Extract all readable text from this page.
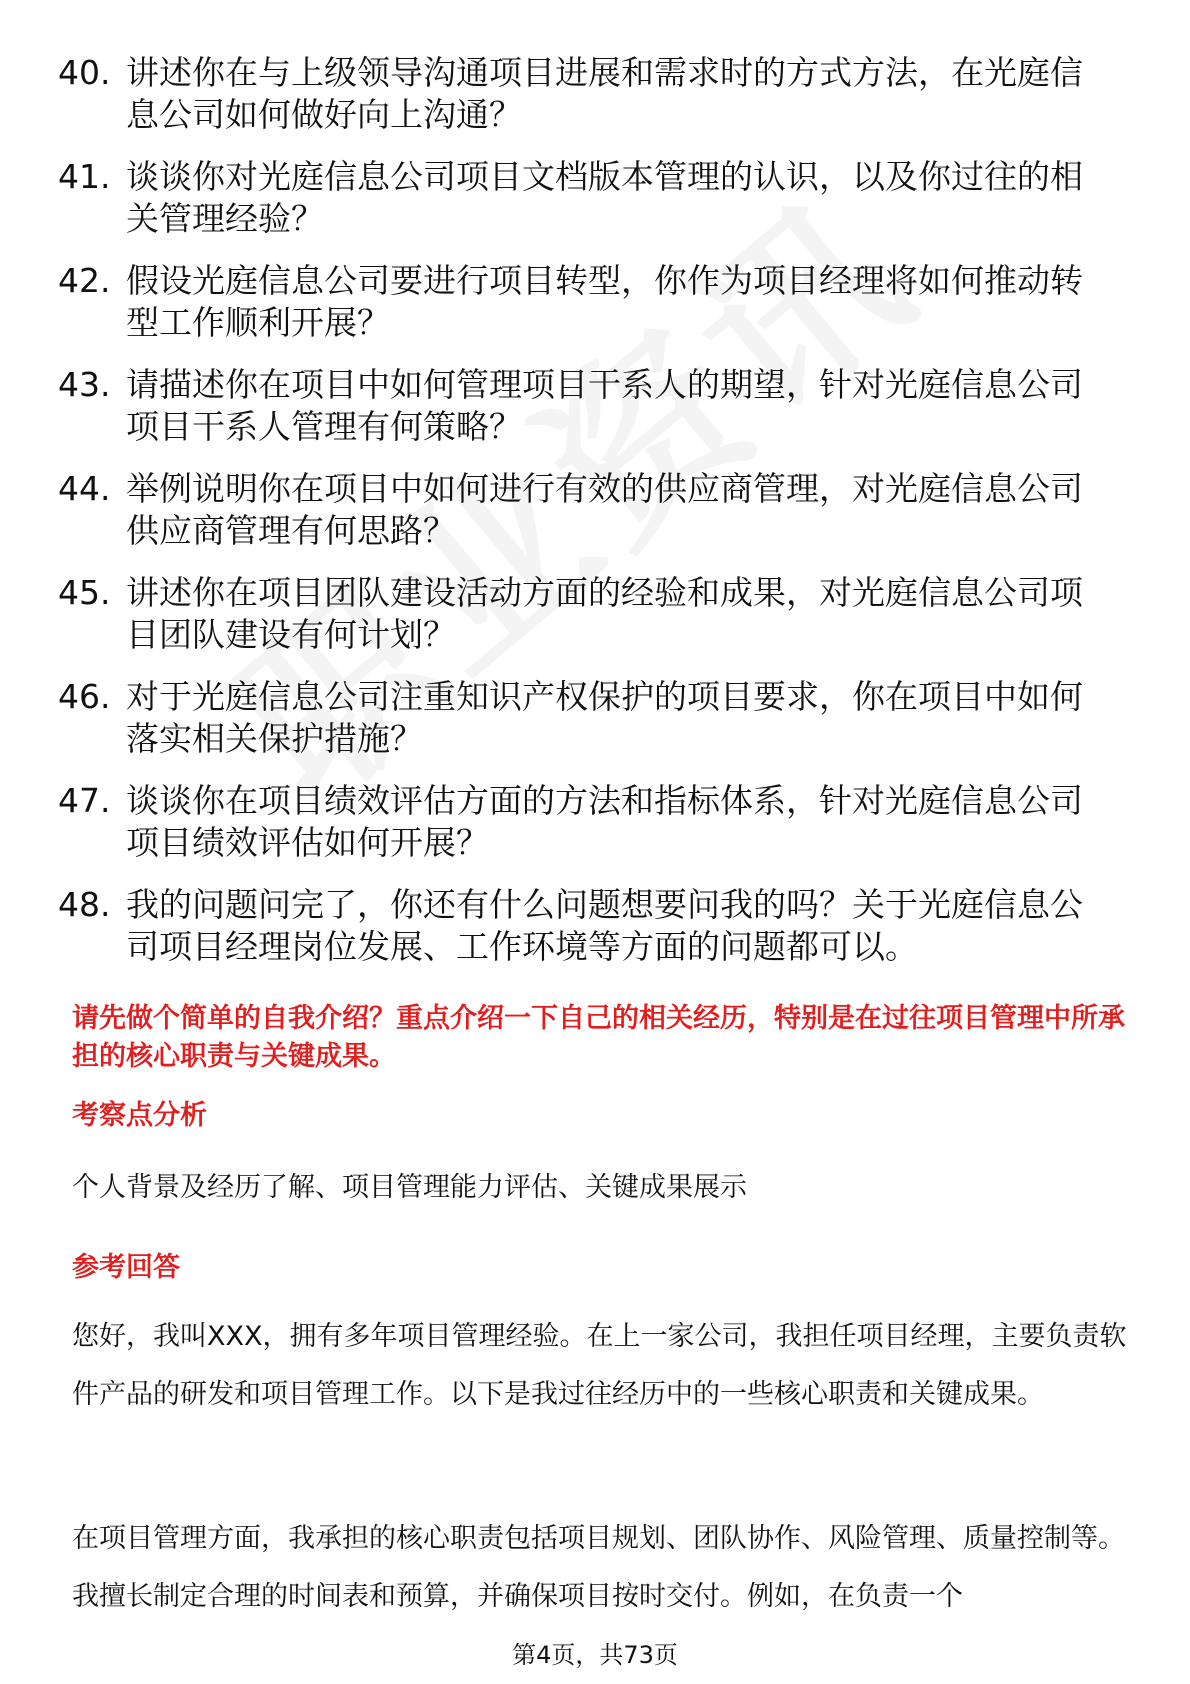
40. 讲述你在与上级领导沟通项目进展和需求时的方式方法，在光庭信息公司如何做好向上沟通？
41. 谈谈你对光庭信息公司项目文档版本管理的认识，以及你过往的相关管理经验？
42. 假设光庭信息公司要进行项目转型，你作为项目经理将如何推动转型工作顺利开展？
43. 请描述你在项目中如何管理项目干系人的期望，针对光庭信息公司项目干系人管理有何策略？
44. 举例说明你在项目中如何进行有效的供应商管理，对光庭信息公司供应商管理有何思路？
45. 讲述你在项目团队建设活动方面的经验和成果，对光庭信息公司项目团队建设有何计划？
46. 对于光庭信息公司注重知识产权保护的项目要求，你在项目中如何落实相关保护措施？
47. 谈谈你在项目绩效评估方面的方法和指标体系，针对光庭信息公司项目绩效评估如何开展？
48. 我的问题问完了，你还有什么问题想要问我的吗？关于光庭信息公司项目经理岗位发展、工作环境等方面的问题都可以。
请先做个简单的自我介绍？重点介绍一下自己的相关经历，特别是在过往项目管理中所承担的核心职责与关键成果。
考察点分析
个人背景及经历了解、项目管理能力评估、关键成果展示
参考回答
您好，我叫XXX，拥有多年项目管理经验。在上一家公司，我担任项目经理，主要负责软件产品的研发和项目管理工作。以下是我过往经历中的一些核心职责和关键成果。
在项目管理方面，我承担的核心职责包括项目规划、团队协作、风险管理、质量控制等。我擅长制定合理的时间表和预算，并确保项目按时交付。例如，在负责一个
第4页，共73页
